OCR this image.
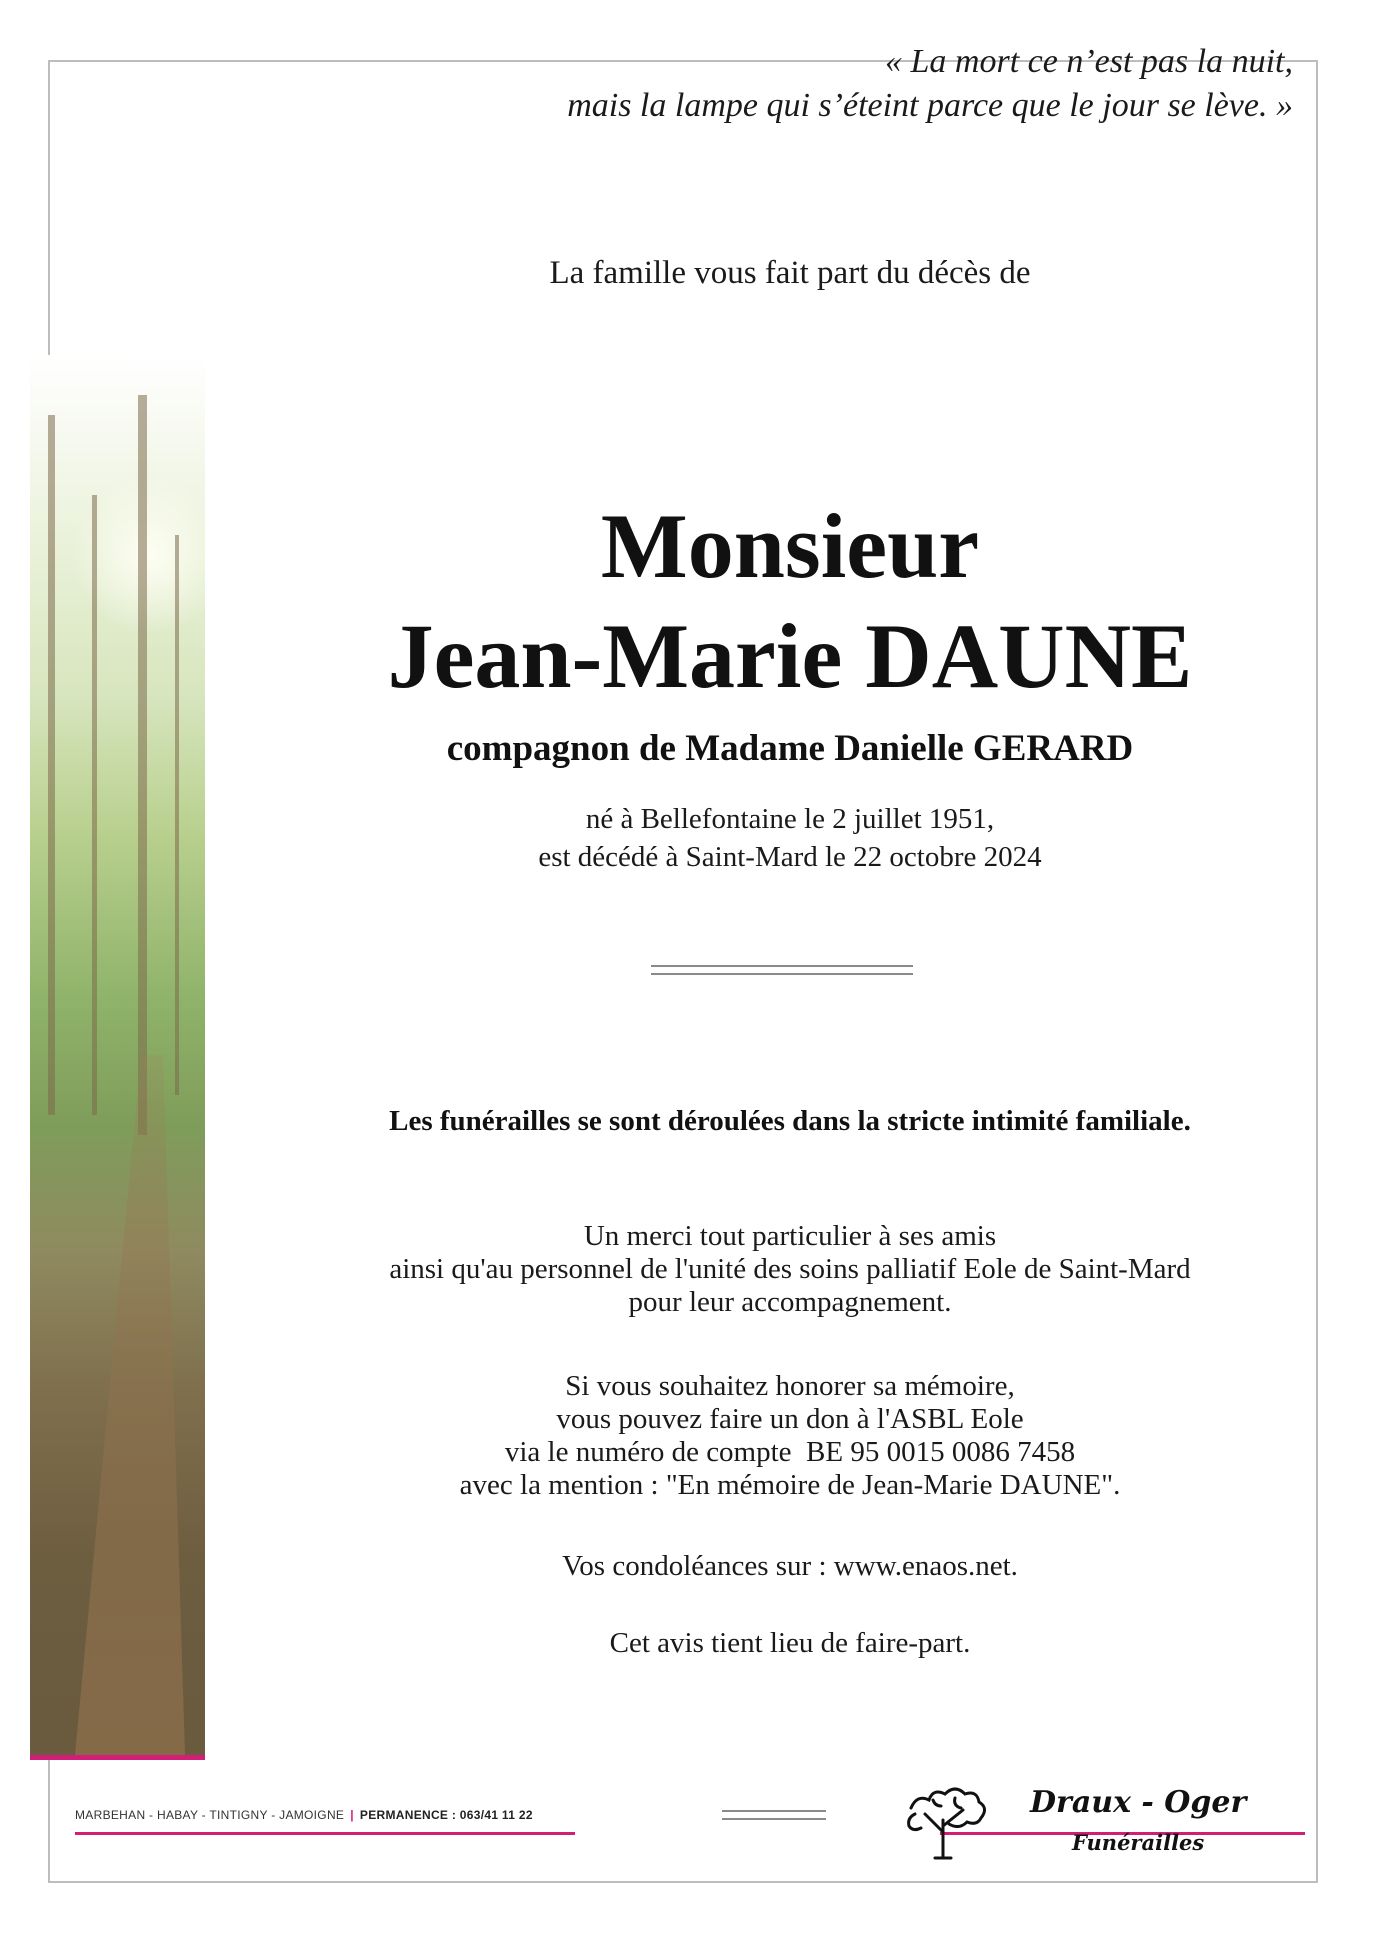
« La mort ce n’est pas la nuit,
mais la lampe qui s’éteint parce que le jour se lève. »
La famille vous fait part du décès de
Monsieur
Jean-Marie DAUNE
compagnon de Madame Danielle GERARD
né à Bellefontaine le 2 juillet 1951,
est décédé à Saint-Mard le 22 octobre 2024
Les funérailles se sont déroulées dans la stricte intimité familiale.
Un merci tout particulier à ses amis
ainsi qu'au personnel de l'unité des soins palliatif Eole de Saint-Mard
pour leur accompagnement.
Si vous souhaitez honorer sa mémoire,
vous pouvez faire un don à l'ASBL Eole
via le numéro de compte  BE 95 0015 0086 7458
avec la mention : "En mémoire de Jean-Marie DAUNE".
Vos condoléances sur : www.enaos.net.
Cet avis tient lieu de faire-part.
MARBEHAN - HABAY - TINTIGNY - JAMOIGNE | PERMANENCE : 063/41 11 22	Draux - Oger
Funérailles
